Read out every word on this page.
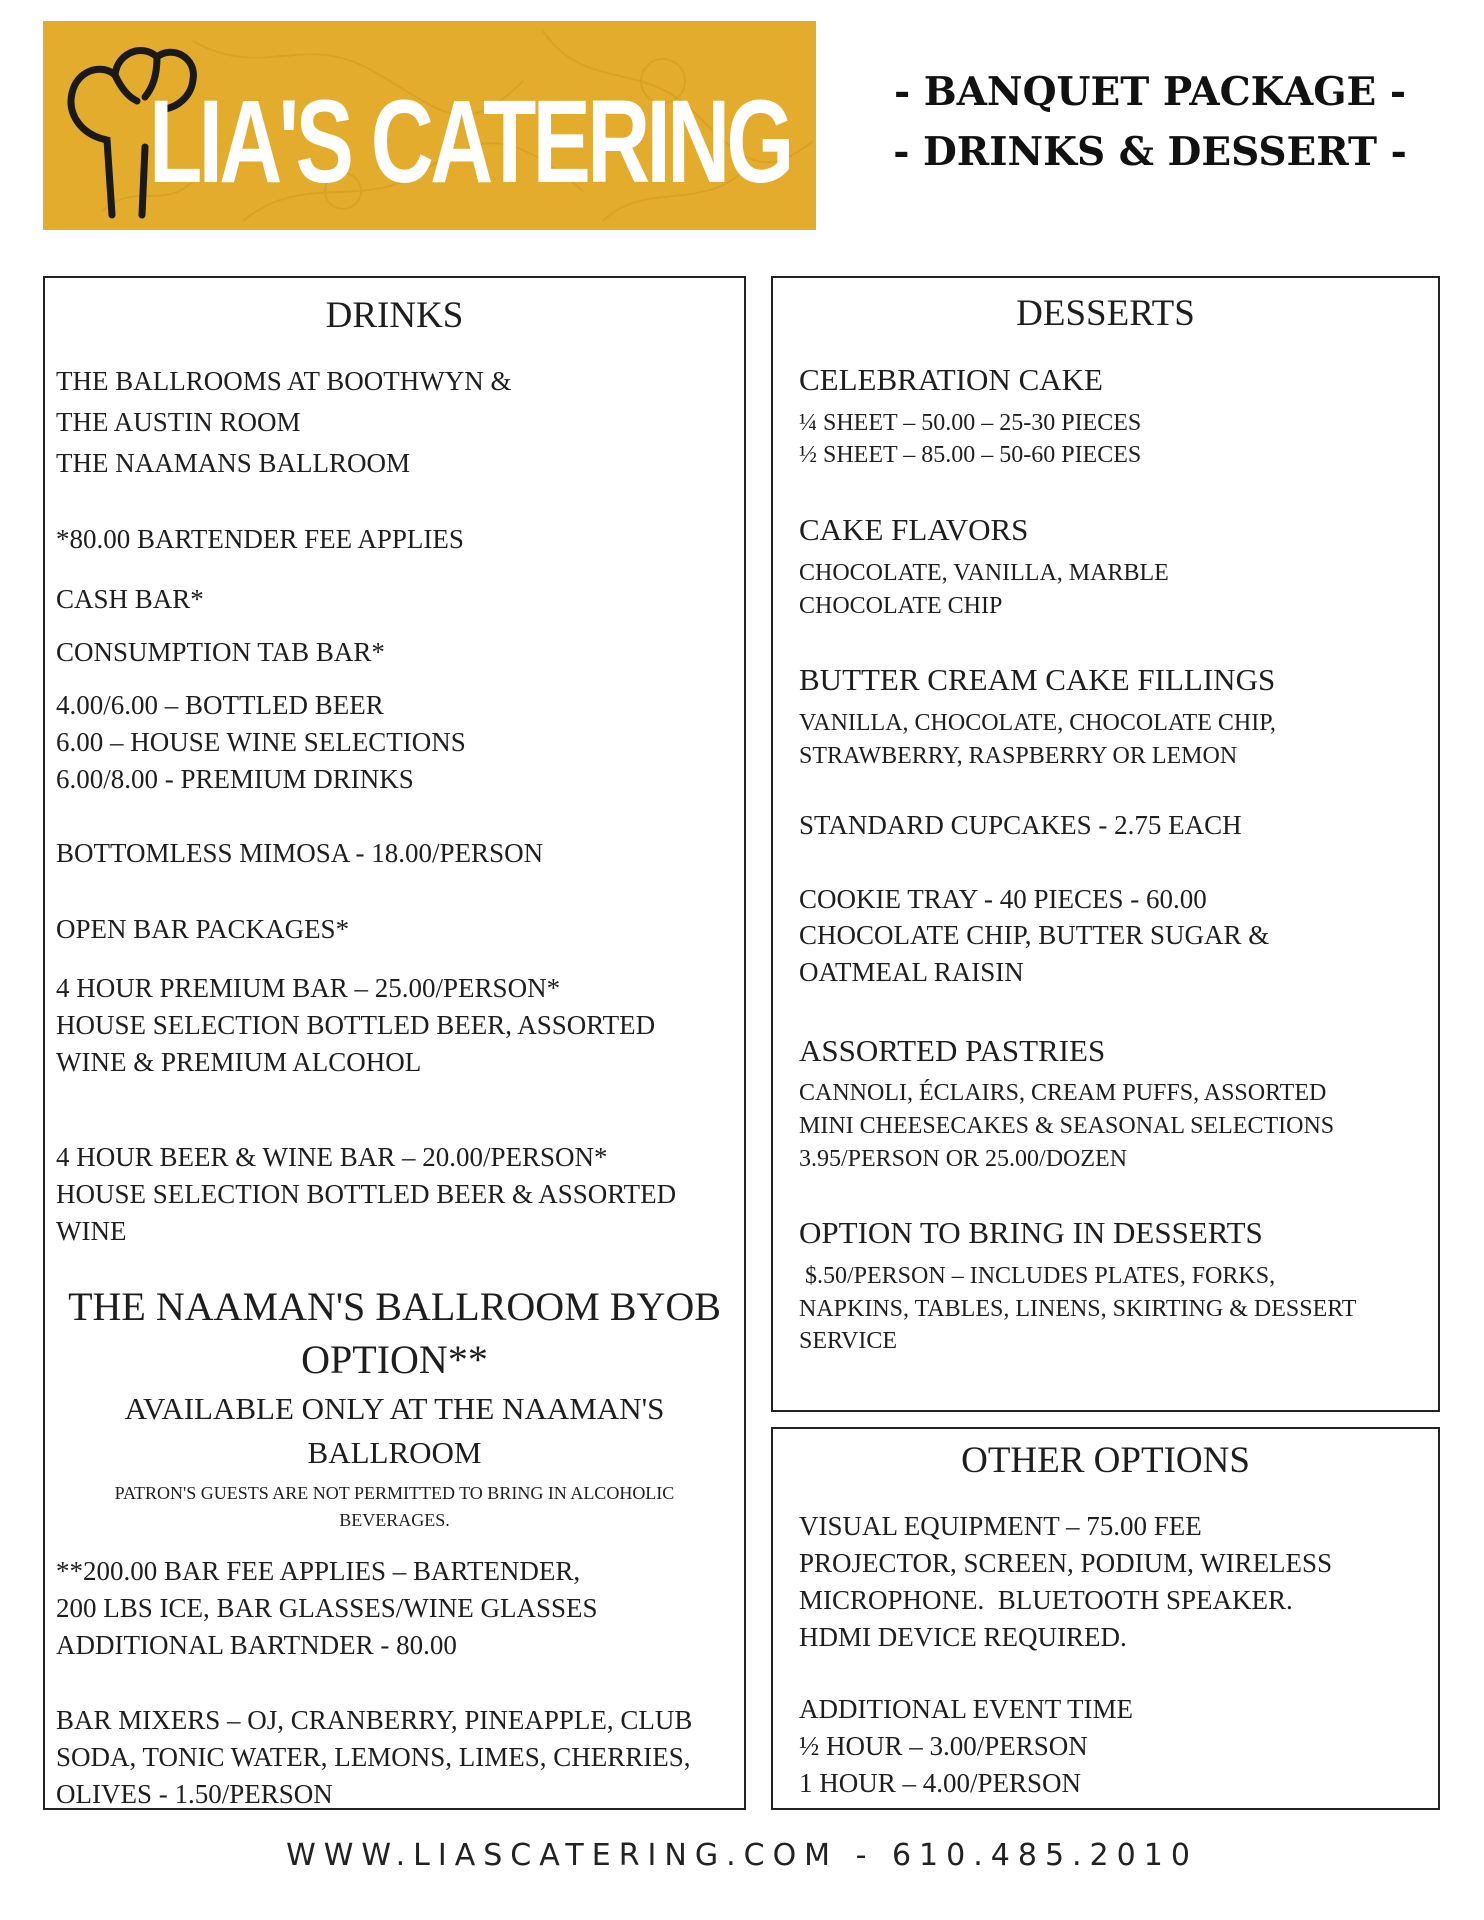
LIA'S CATERING	- BANQUET PACKAGE -
- DRINKS & DESSERT -
DRINKS
THE BALLROOMS AT BOOTHWYN &
THE AUSTIN ROOM
THE NAAMANS BALLROOM
*80.00 BARTENDER FEE APPLIES
CASH BAR*
CONSUMPTION TAB BAR*
4.00/6.00 – BOTTLED BEER
6.00 – HOUSE WINE SELECTIONS
6.00/8.00 - PREMIUM DRINKS
BOTTOMLESS MIMOSA - 18.00/PERSON
OPEN BAR PACKAGES*
4 HOUR PREMIUM BAR – 25.00/PERSON*
HOUSE SELECTION BOTTLED BEER, ASSORTED
WINE & PREMIUM ALCOHOL
4 HOUR BEER & WINE BAR – 20.00/PERSON*
HOUSE SELECTION BOTTLED BEER & ASSORTED
WINE
THE NAAMAN'S BALLROOM BYOB
OPTION**
AVAILABLE ONLY AT THE NAAMAN'S
BALLROOM
PATRON'S GUESTS ARE NOT PERMITTED TO BRING IN ALCOHOLIC
BEVERAGES.
**200.00 BAR FEE APPLIES – BARTENDER,
200 LBS ICE, BAR GLASSES/WINE GLASSES
ADDITIONAL BARTNDER - 80.00
BAR MIXERS – OJ, CRANBERRY, PINEAPPLE, CLUB
SODA, TONIC WATER, LEMONS, LIMES, CHERRIES,
OLIVES - 1.50/PERSON
DESSERTS
CELEBRATION CAKE
¼ SHEET – 50.00 – 25-30 PIECES
½ SHEET – 85.00 – 50-60 PIECES
CAKE FLAVORS
CHOCOLATE, VANILLA, MARBLE
CHOCOLATE CHIP
BUTTER CREAM CAKE FILLINGS
VANILLA, CHOCOLATE, CHOCOLATE CHIP,
STRAWBERRY, RASPBERRY OR LEMON
STANDARD CUPCAKES - 2.75 EACH
COOKIE TRAY - 40 PIECES - 60.00
CHOCOLATE CHIP, BUTTER SUGAR &
OATMEAL RAISIN
ASSORTED PASTRIES
CANNOLI, ÉCLAIRS, CREAM PUFFS, ASSORTED
MINI CHEESECAKES & SEASONAL SELECTIONS
3.95/PERSON OR 25.00/DOZEN
OPTION TO BRING IN DESSERTS
$.50/PERSON – INCLUDES PLATES, FORKS,
NAPKINS, TABLES, LINENS, SKIRTING & DESSERT
SERVICE
OTHER OPTIONS
VISUAL EQUIPMENT – 75.00 FEE
PROJECTOR, SCREEN, PODIUM, WIRELESS
MICROPHONE.  BLUETOOTH SPEAKER.
HDMI DEVICE REQUIRED.
ADDITIONAL EVENT TIME
½ HOUR – 3.00/PERSON
1 HOUR – 4.00/PERSON
WWW.LIASCATERING.COM - 610.485.2010
